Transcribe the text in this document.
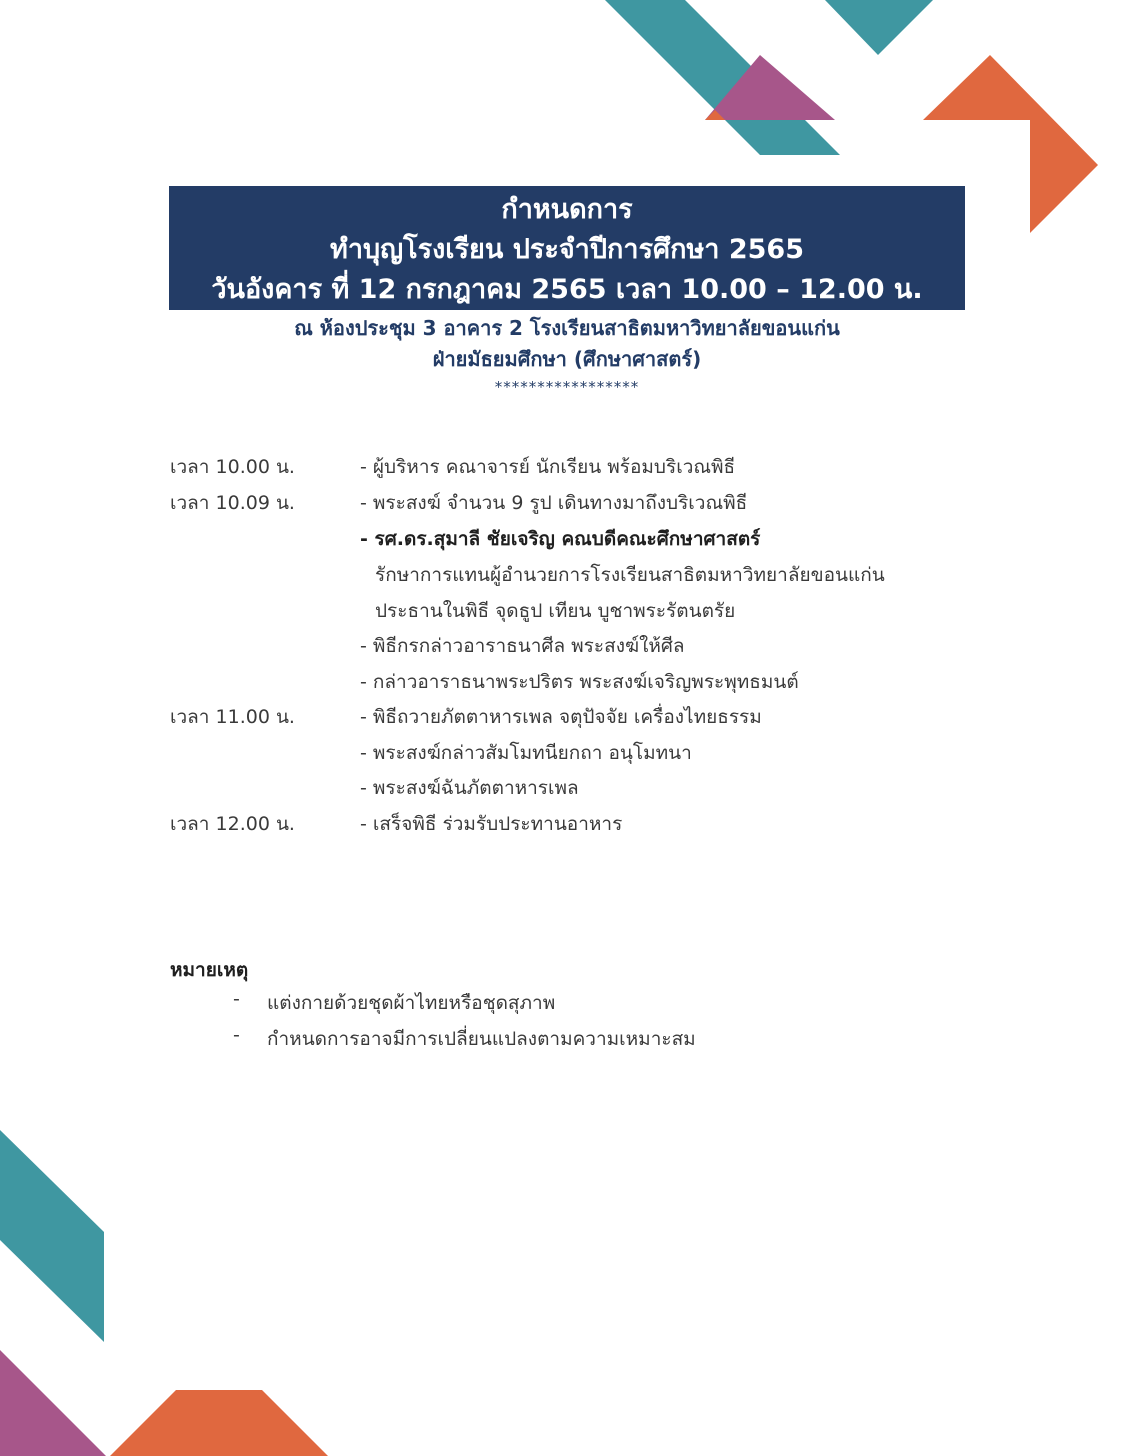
กำหนดการ
ทำบุญโรงเรียน ประจำปีการศึกษา 2565
วันอังคาร ที่ 12 กรกฎาคม 2565 เวลา 10.00 – 12.00 น.
ณ ห้องประชุม 3 อาคาร 2 โรงเรียนสาธิตมหาวิทยาลัยขอนแก่น
ฝ่ายมัธยมศึกษา (ศึกษาศาสตร์)
*****************
เวลา 10.00 น.	- ผู้บริหาร คณาจารย์ นักเรียน พร้อมบริเวณพิธี
เวลา 10.09 น.	- พระสงฆ์ จำนวน 9 รูป เดินทางมาถึงบริเวณพิธี
- รศ.ดร.สุมาลี ชัยเจริญ คณบดีคณะศึกษาศาสตร์
รักษาการแทนผู้อำนวยการโรงเรียนสาธิตมหาวิทยาลัยขอนแก่น
ประธานในพิธี จุดธูป เทียน บูชาพระรัตนตรัย
- พิธีกรกล่าวอาราธนาศีล พระสงฆ์ให้ศีล
- กล่าวอาราธนาพระปริตร พระสงฆ์เจริญพระพุทธมนต์
เวลา 11.00 น.	- พิธีถวายภัตตาหารเพล จตุปัจจัย เครื่องไทยธรรม
- พระสงฆ์กล่าวสัมโมทนียกถา อนุโมทนา
- พระสงฆ์ฉันภัตตาหารเพล
เวลา 12.00 น.	- เสร็จพิธี ร่วมรับประทานอาหาร
หมายเหตุ
- แต่งกายด้วยชุดผ้าไทยหรือชุดสุภาพ
- กำหนดการอาจมีการเปลี่ยนแปลงตามความเหมาะสม
